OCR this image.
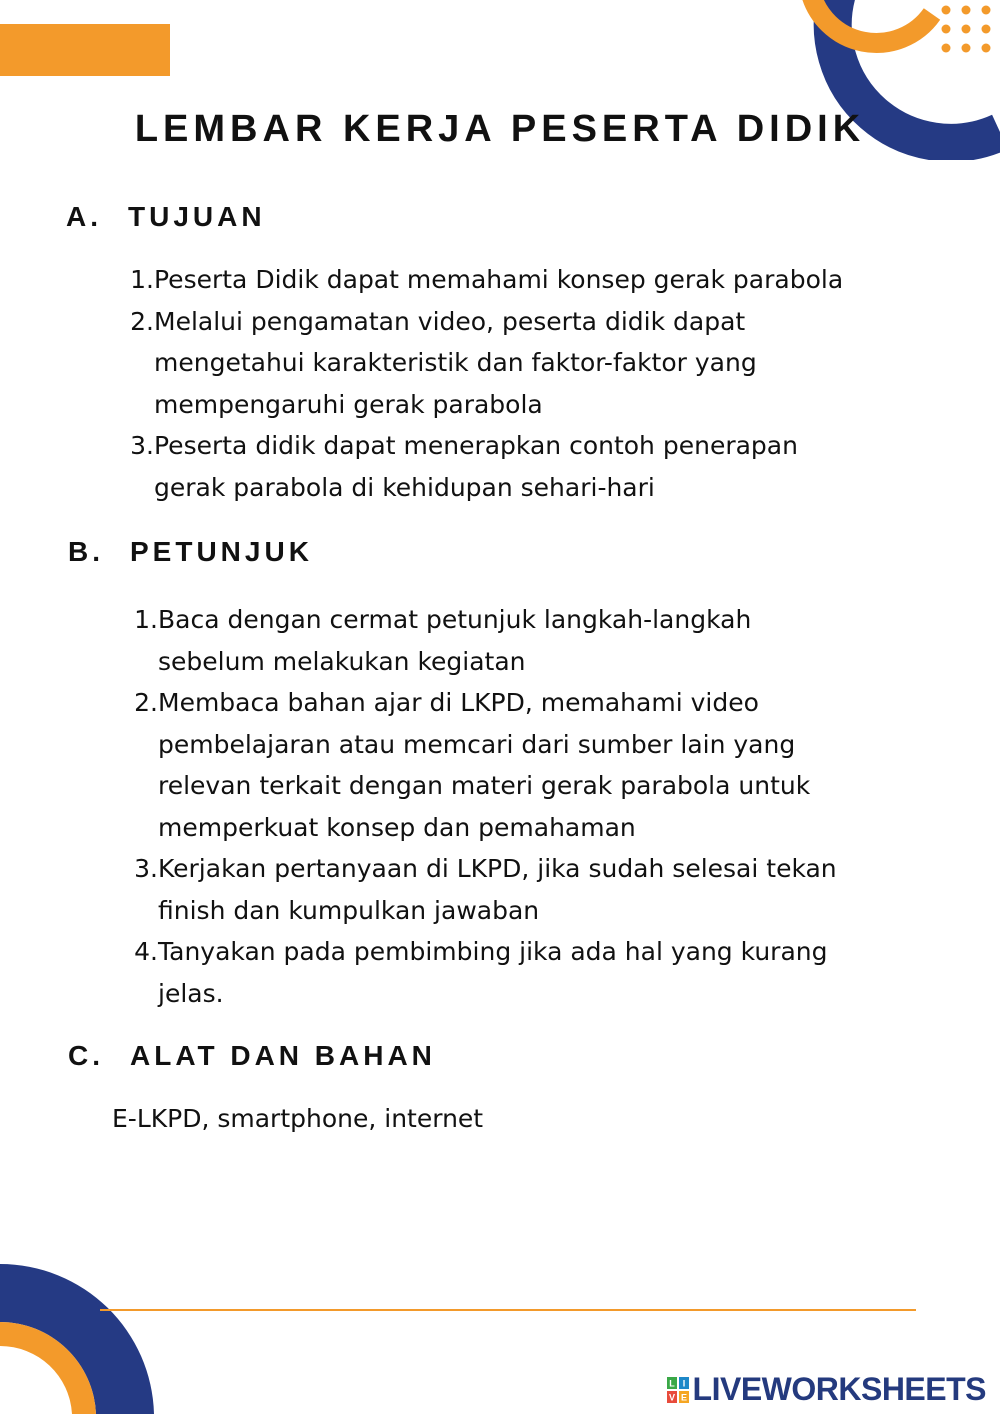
LEMBAR KERJA PESERTA DIDIK
A. TUJUAN
1. Peserta Didik dapat memahami konsep gerak parabola
2. Melalui pengamatan video, peserta didik dapat mengetahui karakteristik dan faktor-faktor yang mempengaruhi gerak parabola
3. Peserta didik dapat menerapkan contoh penerapan gerak parabola di kehidupan sehari-hari
B. PETUNJUK
1. Baca dengan cermat petunjuk langkah-langkah sebelum melakukan kegiatan
2. Membaca bahan ajar di LKPD, memahami video pembelajaran atau memcari dari sumber lain yang relevan terkait dengan materi gerak parabola untuk memperkuat konsep dan pemahaman
3. Kerjakan pertanyaan di LKPD, jika sudah selesai tekan finish dan kumpulkan jawaban
4. Tanyakan pada pembimbing jika ada hal yang kurang jelas.
C. ALAT DAN BAHAN

E-LKPD, smartphone, internet

L I
V E LIVEWORKSHEETS
